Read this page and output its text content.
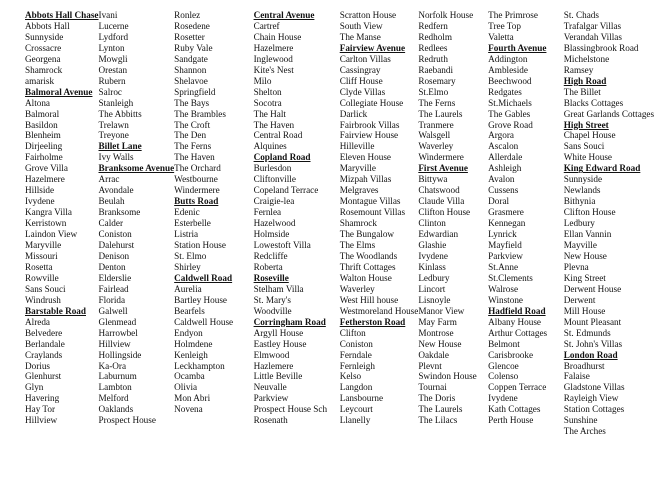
Abbots Hall Chase
Abbots Hall
Sunnyside
Crossacre
Georgena
Shamrock
amarisk
Balmoral Avenue
Altona
Balmoral
Basildon
Blenheim
Dirjeeling
Fairholme
Grove Villa
Hazelmere
Hillside
Ivydene
Kangra Villa
Kerristown
Laindon View
Maryville
Missouri
Rosetta
Rowville
Sans Souci
Windrush
Barstable Road
Alreda
Belvedere
Berlandale
Craylands
Dorius
Glenhurst
Glyn
Havering
Hay Tor
Hillview
Ivani
Lucerne
Lydford
Lynton
Mowgli
Orestan
Rubern
Salroc
Stanleigh
The Abbitts
Trelawn
Treyone
Billet Lane
Ivy Walls
Branksome Avenue
Arrac
Avondale
Beulah
Branksome
Calder
Coniston
Dalehurst
Denison
Denton
Elderslie
Fairlead
Florida
Galwell
Glenmead
Harrowbel
Hillview
Hollingside
Ka-Ora
Laburnum
Lambton
Melford
Oaklands
Prospect House
Ronlez
Rosedene
Rosetter
Ruby Vale
Sandgate
Shannon
Shelavoe
Springfield
The Bays
The Brambles
The Croft
The Den
The Ferns
The Haven
The Orchard
Westbourne
Windermere
Butts Road
Edenic
Esterbelle
Listria
Station House
St. Elmo
Shirley
Caldwell Road
Aurelia
Bartley House
Bearfels
Caldwell House
Endyon
Holmdene
Kenleigh
Leckhampton
Ocamba
Olivia
Mon Abri
Novena
Central Avenue
Cartref
Chain House
Hazelmere
Inglewood
Kite's Nest
Milo
Shelton
Socotra
The Halt
The Haven
Central Road
Alquines
Copland Road
Burlesdon
Cliftonville
Copeland Terrace
Craigie-lea
Fernlea
Hazelwood
Holmside
Lowestoft Villa
Redcliffe
Roberta
Roseville
Stelham Villa
St. Mary's
Woodville
Corringham Road
Argyll House
Eastley House
Elmwood
Hazlemere
Little Beville
Neuvalle
Parkview
Prospect House Sch
Rosenath
Scratton House
South View
The Manse
Fairview Avenue
Carlton Villas
Cassingray
Cliff House
Clyde Villas
Collegiate House
Darlick
Fairbrook Villas
Fairview House
Hilleville
Eleven House
Maryville
Mizpah Villas
Melgraves
Montague Villas
Rosemount Villas
Shamrock
The Bungalow
The Elms
The Woodlands
Thrift Cottages
Walton House
Waverley
West Hill house
Westmoreland House
Fetherston Road
Clifton
Coniston
Ferndale
Fernleigh
Kelso
Langdon
Lansbourne
Leycourt
Llanelly
Norfolk House
Redfern
Redholm
Redlees
Redruth
Raebandi
Rosemary
St.Elmo
The Ferns
The Laurels
Tranmere
Walsgell
Waverley
Windermere
First Avenue
Bittywa
Chatswood
Claude Villa
Clifton House
Clinton
Edwardian
Glashie
Ivydene
Kinlass
Ledbury
Lincort
Lisnoyle
Manor View
May Farm
Montrose
New House
Oakdale
Plevnt
Swindon House
Tournai
The Doris
The Laurels
The Lilacs
The Primrose
Tree Top
Valetta
Fourth Avenue
Addington
Ambleside
Beechwood
Redgates
St.Michaels
The Gables
Grove Road
Argora
Ascalon
Allerdale
Ashleigh
Avalon
Cussens
Doral
Grasmere
Kennegan
Lynrick
Mayfield
Parkview
St.Anne
St.Clements
Walrose
Winstone
Hadfield Road
Albany House
Arthur Cottages
Belmont
Carisbrooke
Glencoe
Colenso
Coppen Terrace
Ivydene
Kath Cottages
Perth House
St. Chads
Trafalgar Villas
Verandah Villas
Blassingbrook Road
Michelstone
Ramsey
High Road
The Billet
Blacks Cottages
Great Garlands Cottages
High Street
Chapel House
Sans Souci
White House
King Edward Road
Sunnyside
Newlands
Bithynia
Clifton House
Ledbury
Ellan Vannin
Mayville
New House
Plevna
King Street
Derwent House
Derwent
Mill House
Mount Pleasant
St. Edmunds
St. John's Villas
London Road
Broadhurst
Falaise
Gladstone Villas
Rayleigh View
Station Cottages
Sunshine
The Arches
